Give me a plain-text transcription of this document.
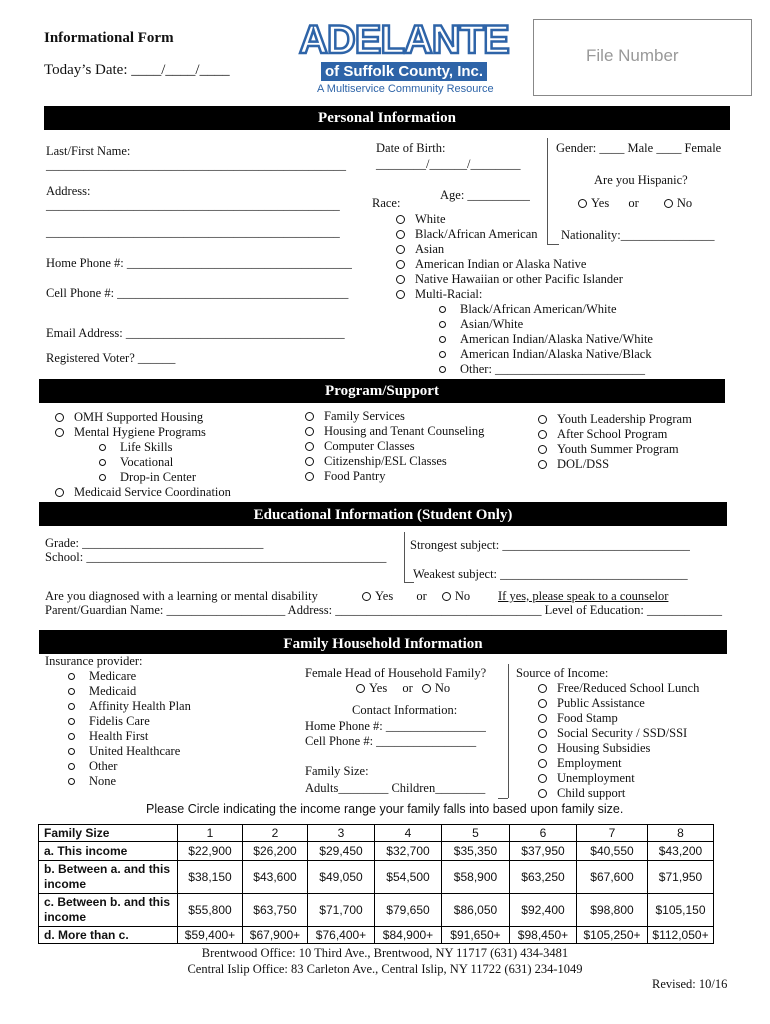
Informational Form
Today’s Date: ____/____/____
ADELANTE
of Suffolk County, Inc.
A Multiservice Community Resource
File Number
Personal Information
Last/First Name:
________________________________________________
Address:
_______________________________________________
_______________________________________________
Home Phone #: ____________________________________
Cell Phone #: _____________________________________
Email Address: ___________________________________
Registered Voter? ______
Date of Birth:
________/______/________
Age: __________
Race:
White
Black/African American
Asian
American Indian or Alaska Native
Native Hawaiian or other Pacific Islander
Multi-Racial:
Black/African American/White
Asian/White
American Indian/Alaska Native/White
American Indian/Alaska Native/Black
Other: ________________________
Gender: ____ Male ____ Female
Are you Hispanic?
Yes or	No
Nationality:_______________
Program/Support
OMH Supported Housing
Mental Hygiene Programs
Life Skills
Vocational
Drop-in Center
Medicaid Service Coordination
Family Services
Housing and Tenant Counseling
Computer Classes
Citizenship/ESL Classes
Food Pantry
Youth Leadership Program
After School Program
Youth Summer Program
DOL/DSS
Educational Information (Student Only)
Grade: _____________________________
School: ________________________________________________
Strongest subject: ______________________________
Weakest subject: ______________________________
Are you diagnosed with a learning or mental disability	Yes or No If yes, please speak to a counselor
Parent/Guardian Name: ___________________ Address: _________________________________ Level of Education: ____________
Family Household Information
Insurance provider:
Medicare
Medicaid
Affinity Health Plan
Fidelis Care
Health First
United Healthcare
Other
None
Female Head of Household Family?
Yes or No
Contact Information:
Home Phone #: ________________
Cell Phone #: ________________
Family Size:
Adults________ Children________
Source of Income:
Free/Reduced School Lunch
Public Assistance
Food Stamp
Social Security / SSD/SSI
Housing Subsidies
Employment
Unemployment
Child support
Please Circle indicating the income range your family falls into based upon family size.
Family Size	1	2	3	4	5	6	7	8
a. This income	$22,900	$26,200	$29,450	$32,700	$35,350	$37,950	$40,550	$43,200
b. Between a. and this income	$38,150	$43,600	$49,050	$54,500	$58,900	$63,250	$67,600	$71,950
c. Between b. and this income	$55,800	$63,750	$71,700	$79,650	$86,050	$92,400	$98,800	$105,150
d. More than c.	$59,400+	$67,900+	$76,400+	$84,900+	$91,650+	$98,450+	$105,250+	$112,050+
Brentwood Office: 10 Third Ave., Brentwood, NY 11717 (631) 434-3481
Central Islip Office: 83 Carleton Ave., Central Islip, NY 11722 (631) 234-1049
Revised: 10/16
